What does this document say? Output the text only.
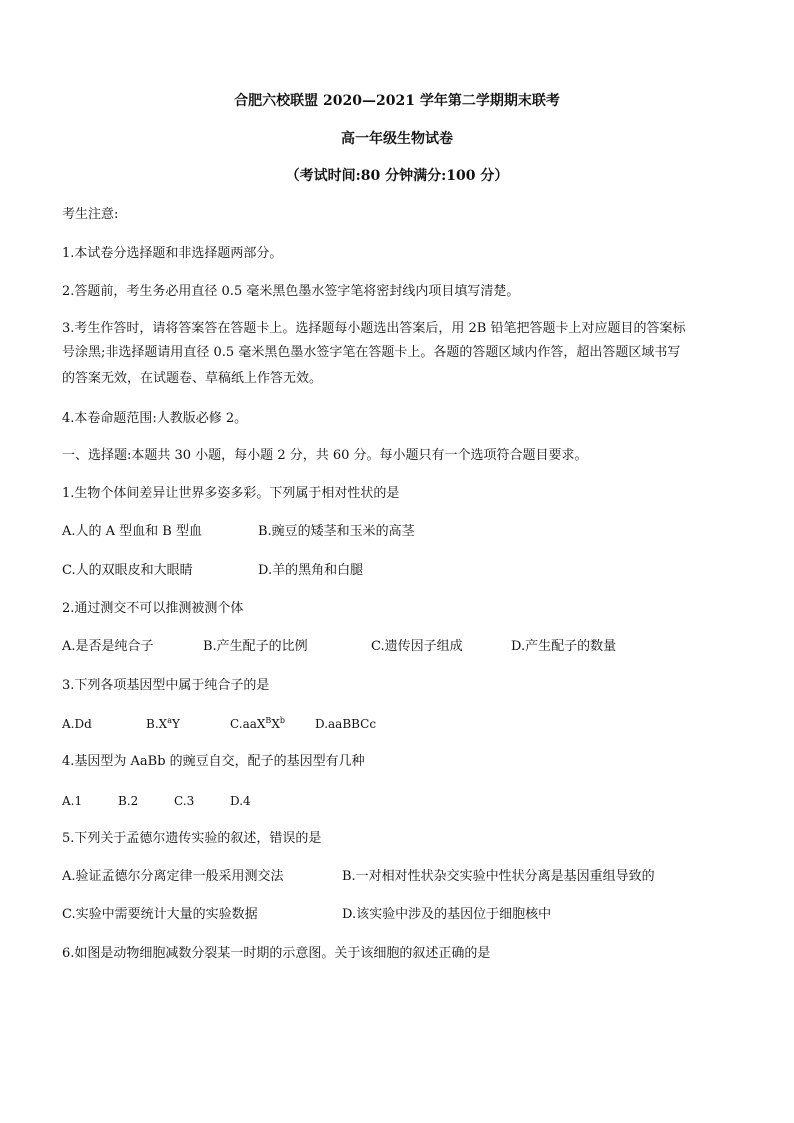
合肥六校联盟 2020—2021 学年第二学期期末联考
高一年级生物试卷
（考试时间:80 分钟满分:100 分）
考生注意:
1.本试卷分选择题和非选择题两部分。
2.答题前，考生务必用直径 0.5 毫米黑色墨水签字笔将密封线内项目填写清楚。
3.考生作答时，请将答案答在答题卡上。选择题每小题选出答案后，用 2B 铅笔把答题卡上对应题目的答案标
号涂黑;非选择题请用直径 0.5 毫米黑色墨水签字笔在答题卡上。各题的答题区域内作答，超出答题区域书写
的答案无效，在试题卷、草稿纸上作答无效。
4.本卷命题范围:人教版必修 2。
一、选择题:本题共 30 小题，每小题 2 分，共 60 分。每小题只有一个选项符合题目要求。
1.生物个体间差异让世界多姿多彩。下列属于相对性状的是
A.人的 A 型血和 B 型血	B.豌豆的矮茎和玉米的高茎
C.人的双眼皮和大眼睛	D.羊的黑角和白腿
2.通过测交不可以推测被测个体
A.是否是纯合子	B.产生配子的比例	C.遗传因子组成	D.产生配子的数量
3.下列各项基因型中属于纯合子的是
A.Dd	$B.X^aY$	$C.aaX^BX^b$	D.aaBBCc
4.基因型为 AaBb 的豌豆自交，配子的基因型有几种
A.1	B.2	C.3	D.4
5.下列关于孟德尔遗传实验的叙述，错误的是
A.验证孟德尔分离定律一般采用测交法	B.一对相对性状杂交实验中性状分离是基因重组导致的
C.实验中需要统计大量的实验数据	D.该实验中涉及的基因位于细胞核中
6.如图是动物细胞减数分裂某一时期的示意图。关于该细胞的叙述正确的是
